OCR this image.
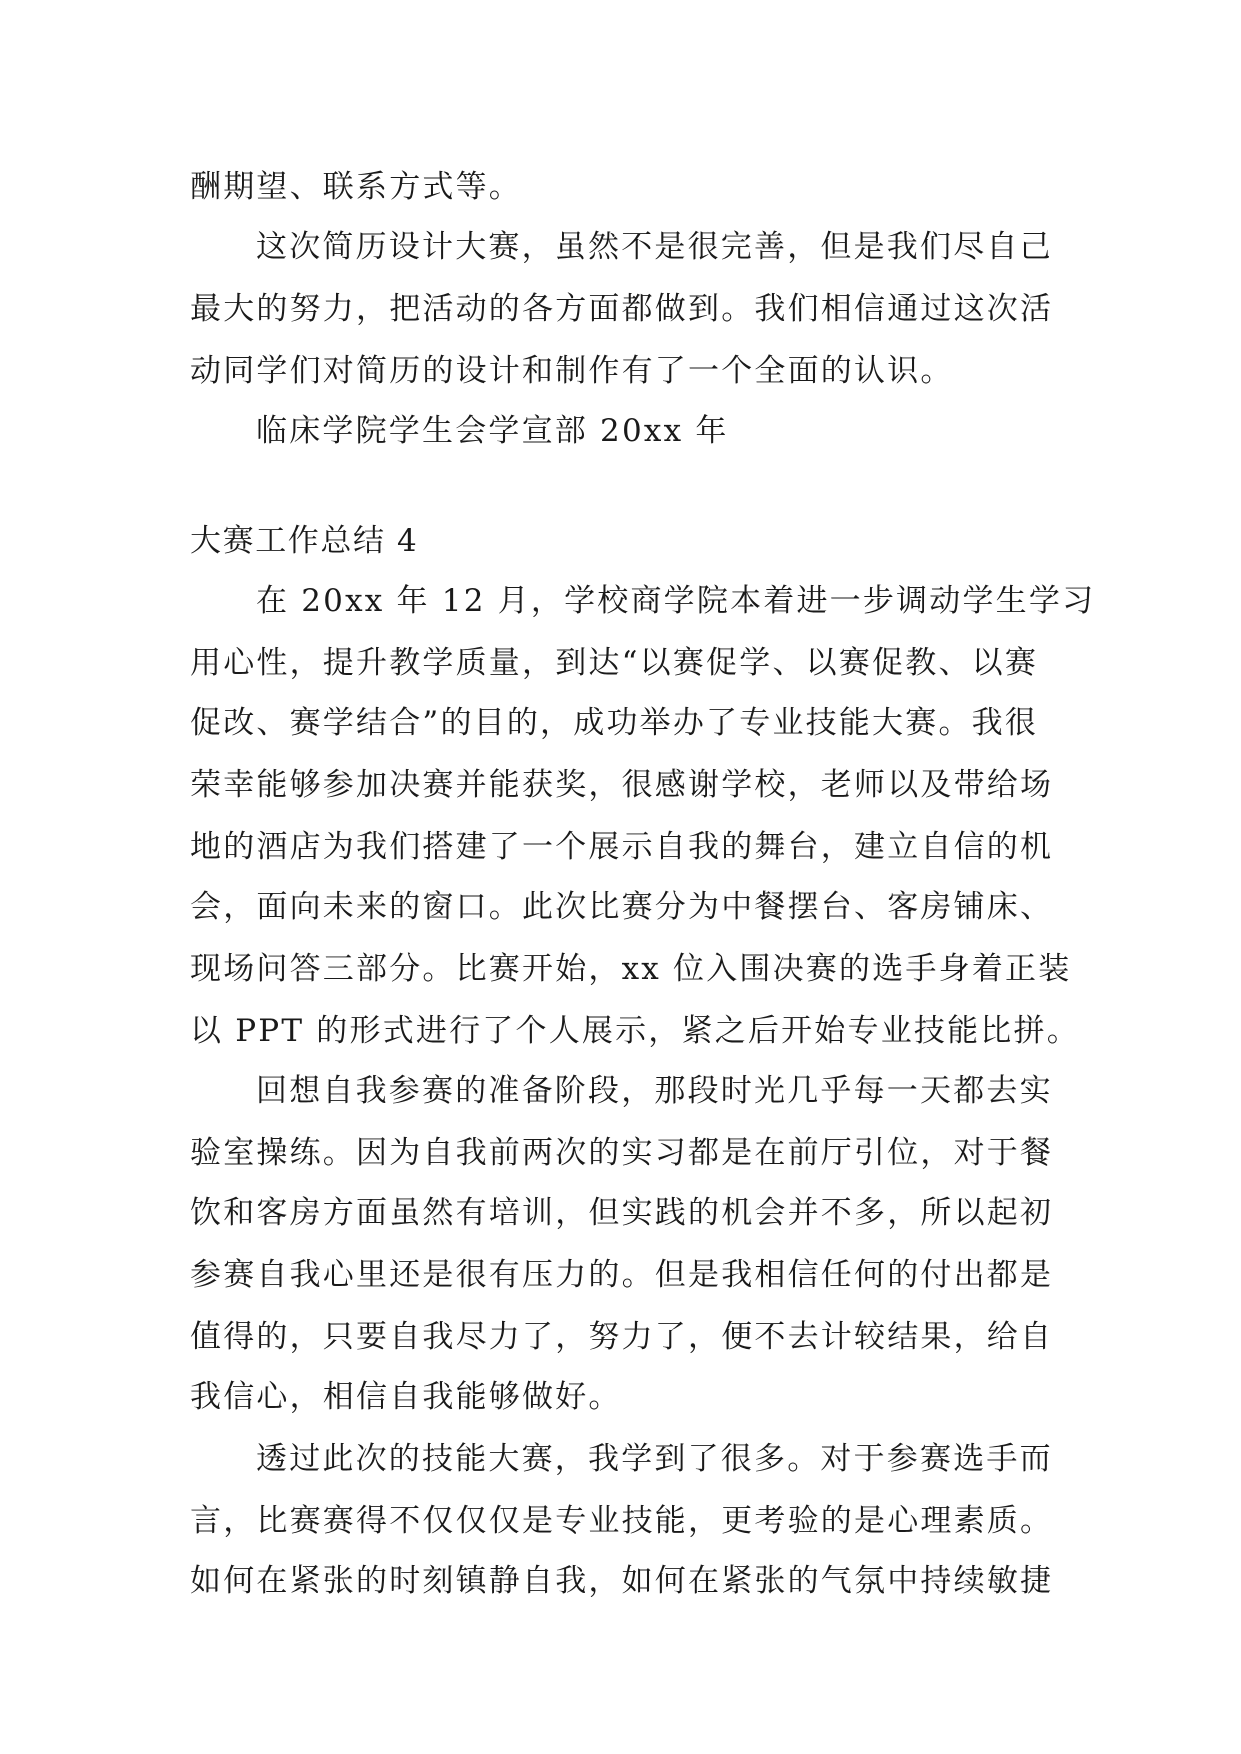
酬期望、联系方式等。
这次简历设计大赛，虽然不是很完善，但是我们尽自己
最大的努力，把活动的各方面都做到。我们相信通过这次活
动同学们对简历的设计和制作有了一个全面的认识。
临床学院学生会学宣部 20xx 年
大赛工作总结 4
在 20xx 年 12 月，学校商学院本着进一步调动学生学习
用心性，提升教学质量，到达“以赛促学、以赛促教、以赛
促改、赛学结合”的目的，成功举办了专业技能大赛。我很
荣幸能够参加决赛并能获奖，很感谢学校，老师以及带给场
地的酒店为我们搭建了一个展示自我的舞台，建立自信的机
会，面向未来的窗口。此次比赛分为中餐摆台、客房铺床、
现场问答三部分。比赛开始，xx 位入围决赛的选手身着正装
以 PPT 的形式进行了个人展示，紧之后开始专业技能比拼。
回想自我参赛的准备阶段，那段时光几乎每一天都去实
验室操练。因为自我前两次的实习都是在前厅引位，对于餐
饮和客房方面虽然有培训，但实践的机会并不多，所以起初
参赛自我心里还是很有压力的。但是我相信任何的付出都是
值得的，只要自我尽力了，努力了，便不去计较结果，给自
我信心，相信自我能够做好。
透过此次的技能大赛，我学到了很多。对于参赛选手而
言，比赛赛得不仅仅仅是专业技能，更考验的是心理素质。
如何在紧张的时刻镇静自我，如何在紧张的气氛中持续敏捷
